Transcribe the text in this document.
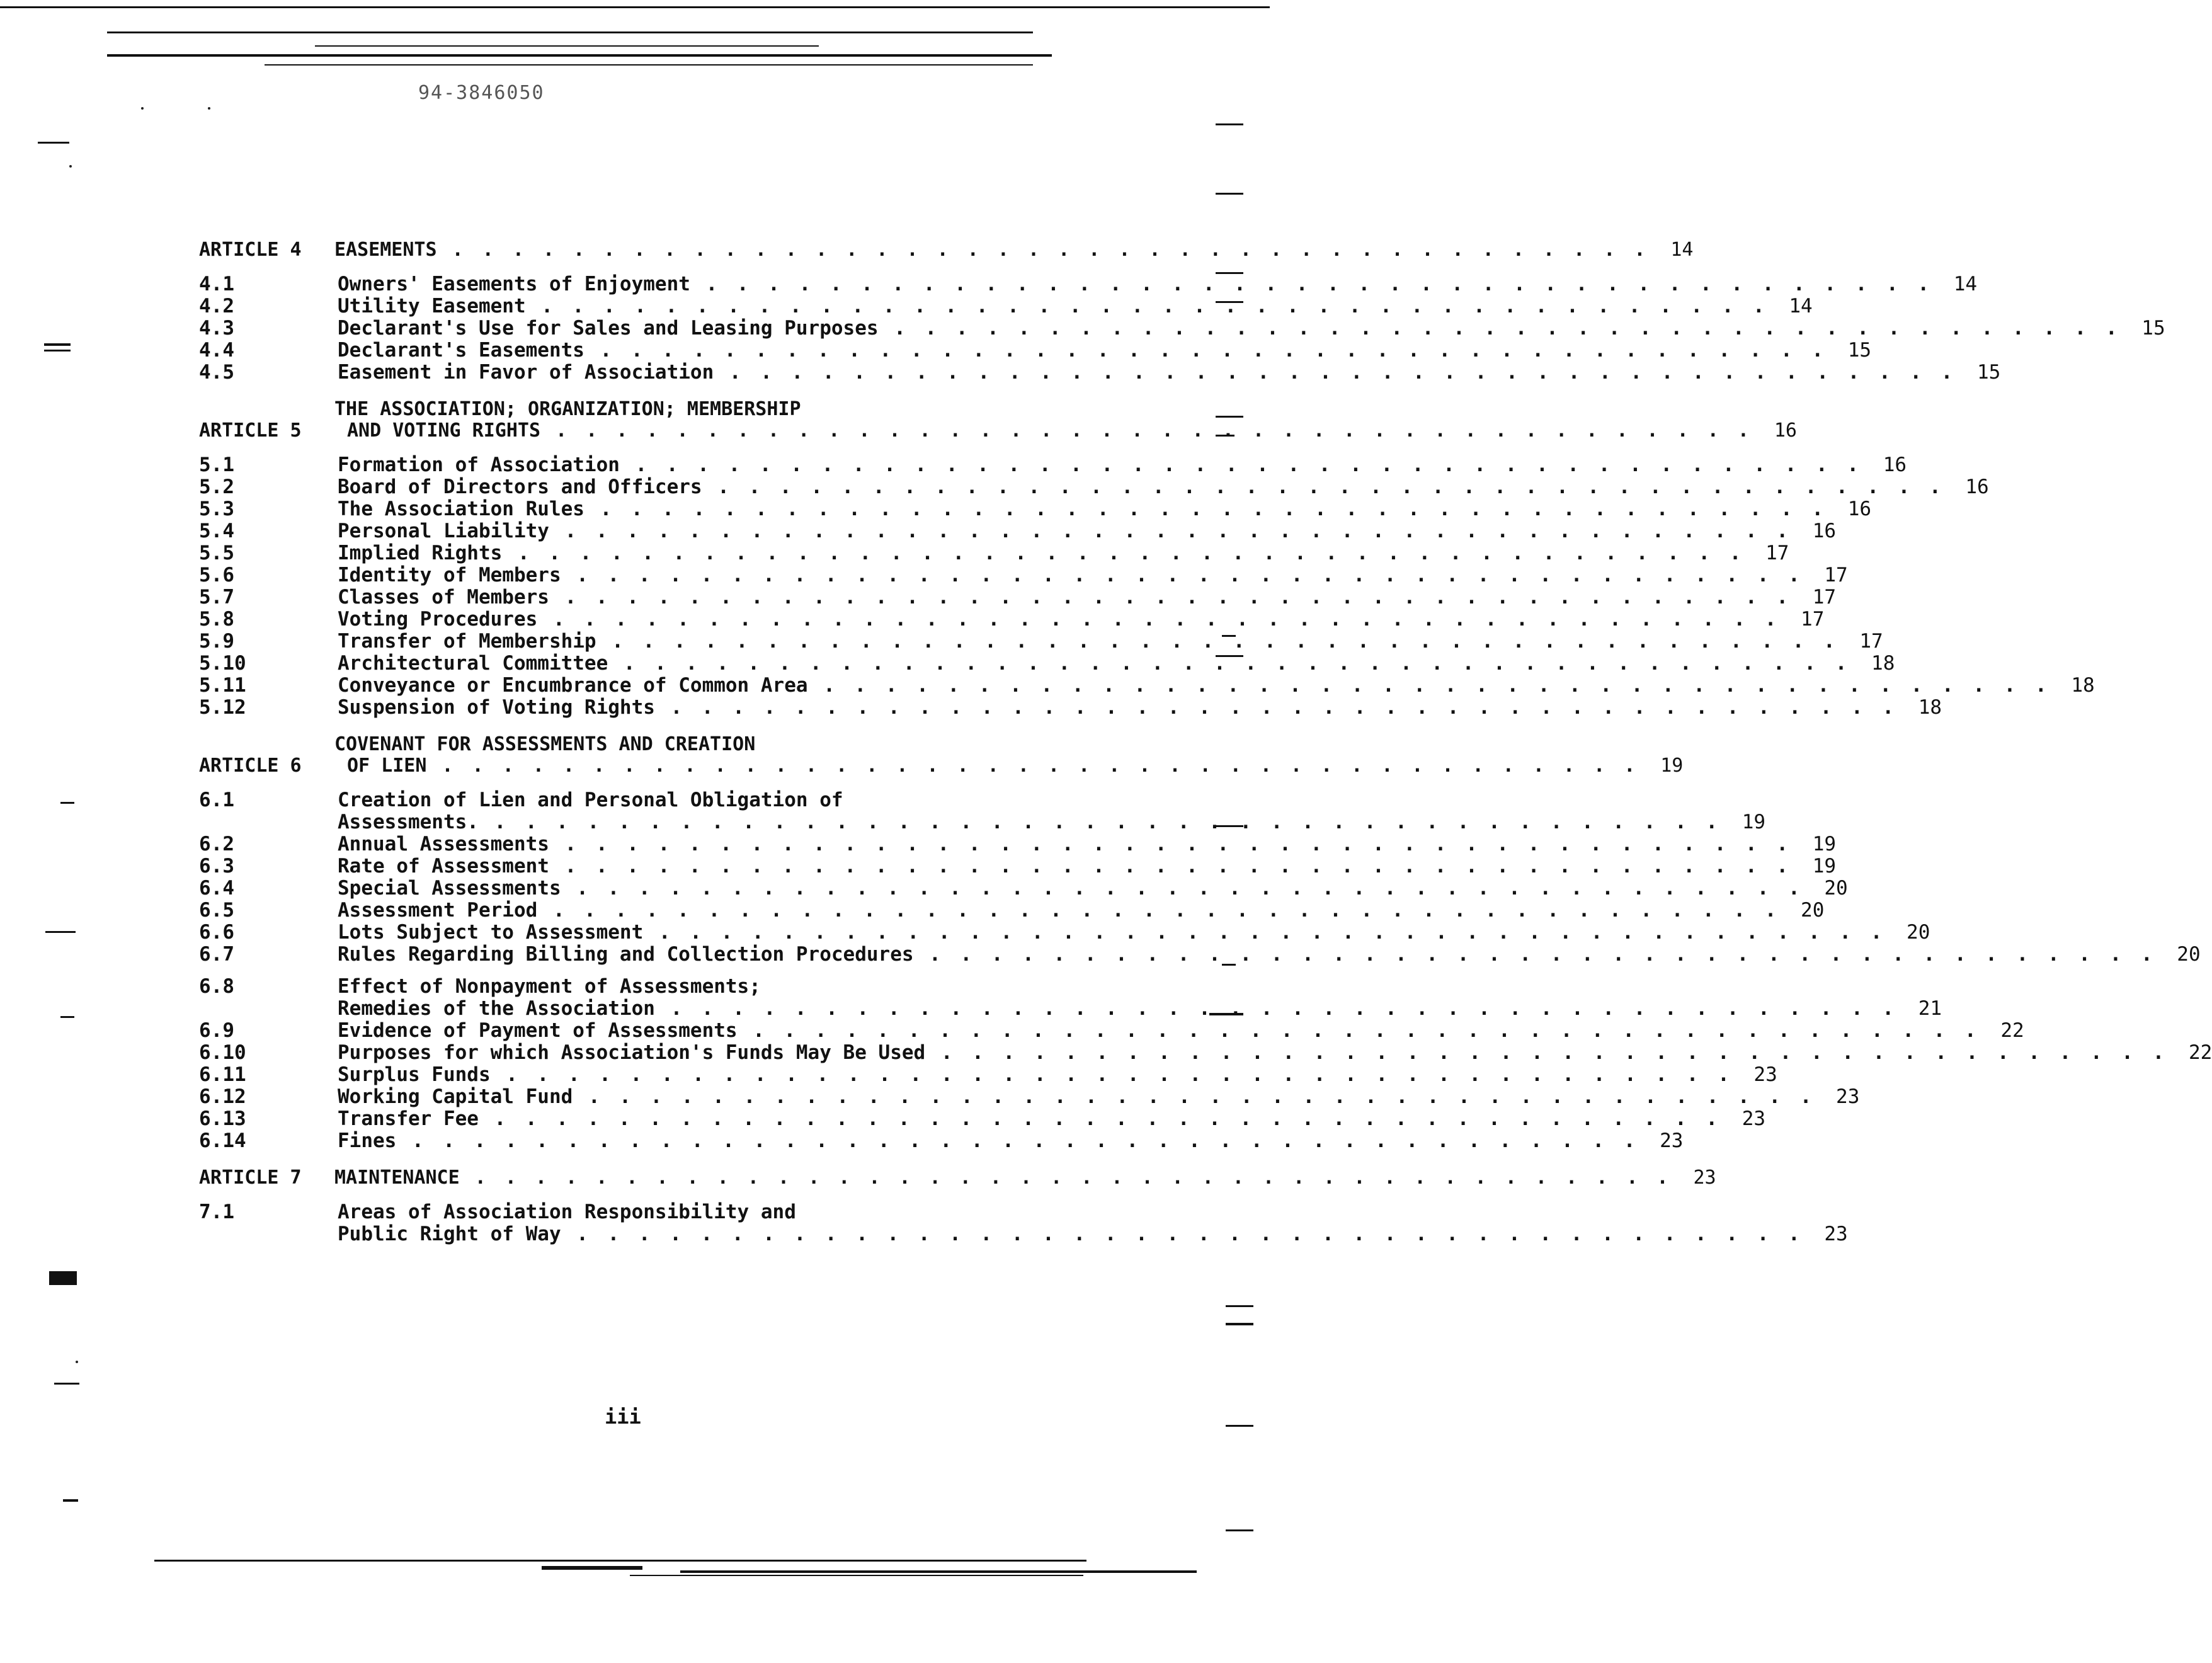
94-3846050
ARTICLE 4	EASEMENTS . . . . . . . . . . . . . . . . . . . . . . . . . . . . . . . . . . . . . . . .	14
4.1	Owners' Easements of Enjoyment . . . . . . . . . . . . . . . . . . . . . . . . . . . . . . . . . . . . . . . .	14
4.2	Utility Easement . . . . . . . . . . . . . . . . . . . . . . . . . . . . . . . . . . . . . . . .	14
4.3	Declarant's Use for Sales and Leasing Purposes . . . . . . . . . . . . . . . . . . . . . . . . . . . . . . . . . . . . . . . .	15
4.4	Declarant's Easements . . . . . . . . . . . . . . . . . . . . . . . . . . . . . . . . . . . . . . . .	15
4.5	Easement in Favor of Association . . . . . . . . . . . . . . . . . . . . . . . . . . . . . . . . . . . . . . . .	15
ARTICLE 5
THE ASSOCIATION; ORGANIZATION; MEMBERSHIP
AND VOTING RIGHTS . . . . . . . . . . . . . . . . . . . . . . . . . . . . . . . . . . . . . . . .	16
5.1	Formation of Association . . . . . . . . . . . . . . . . . . . . . . . . . . . . . . . . . . . . . . . .	16
5.2	Board of Directors and Officers . . . . . . . . . . . . . . . . . . . . . . . . . . . . . . . . . . . . . . . .	16
5.3	The Association Rules . . . . . . . . . . . . . . . . . . . . . . . . . . . . . . . . . . . . . . . .	16
5.4	Personal Liability . . . . . . . . . . . . . . . . . . . . . . . . . . . . . . . . . . . . . . . .	16
5.5	Implied Rights . . . . . . . . . . . . . . . . . . . . . . . . . . . . . . . . . . . . . . . .	17
5.6	Identity of Members . . . . . . . . . . . . . . . . . . . . . . . . . . . . . . . . . . . . . . . .	17
5.7	Classes of Members . . . . . . . . . . . . . . . . . . . . . . . . . . . . . . . . . . . . . . . .	17
5.8	Voting Procedures . . . . . . . . . . . . . . . . . . . . . . . . . . . . . . . . . . . . . . . .	17
5.9	Transfer of Membership . . . . . . . . . . . . . . . . . . . . . . . . . . . . . . . . . . . . . . . .	17
5.10	Architectural Committee . . . . . . . . . . . . . . . . . . . . . . . . . . . . . . . . . . . . . . . .	18
5.11	Conveyance or Encumbrance of Common Area . . . . . . . . . . . . . . . . . . . . . . . . . . . . . . . . . . . . . . . .	18
5.12	Suspension of Voting Rights . . . . . . . . . . . . . . . . . . . . . . . . . . . . . . . . . . . . . . . .	18
ARTICLE 6
COVENANT FOR ASSESSMENTS AND CREATION
OF LIEN . . . . . . . . . . . . . . . . . . . . . . . . . . . . . . . . . . . . . . . .	19
6.1	Creation of Lien and Personal Obligation of
Assessments. . . . . . . . . . . . . . . . . . . . . . . . . . . . . . . . . . . . . . . . .	19
6.2	Annual Assessments . . . . . . . . . . . . . . . . . . . . . . . . . . . . . . . . . . . . . . . .	19
6.3	Rate of Assessment . . . . . . . . . . . . . . . . . . . . . . . . . . . . . . . . . . . . . . . .	19
6.4	Special Assessments . . . . . . . . . . . . . . . . . . . . . . . . . . . . . . . . . . . . . . . .	20
6.5	Assessment Period . . . . . . . . . . . . . . . . . . . . . . . . . . . . . . . . . . . . . . . .	20
6.6	Lots Subject to Assessment . . . . . . . . . . . . . . . . . . . . . . . . . . . . . . . . . . . . . . . .	20
6.7	Rules Regarding Billing and Collection Procedures . . . . . . . . . . . . . . . . . . . . . . . . . . . . . . . . . . . . . . . .	20
6.8	Effect of Nonpayment of Assessments;
Remedies of the Association . . . . . . . . . . . . . . . . . . . . . . . . . . . . . . . . . . . . . . . .	21
6.9	Evidence of Payment of Assessments . . . . . . . . . . . . . . . . . . . . . . . . . . . . . . . . . . . . . . . .	22
6.10	Purposes for which Association's Funds May Be Used . . . . . . . . . . . . . . . . . . . . . . . . . . . . . . . . . . . . . . . .	22
6.11	Surplus Funds . . . . . . . . . . . . . . . . . . . . . . . . . . . . . . . . . . . . . . . .	23
6.12	Working Capital Fund . . . . . . . . . . . . . . . . . . . . . . . . . . . . . . . . . . . . . . . .	23
6.13	Transfer Fee . . . . . . . . . . . . . . . . . . . . . . . . . . . . . . . . . . . . . . . .	23
6.14	Fines . . . . . . . . . . . . . . . . . . . . . . . . . . . . . . . . . . . . . . . .	23
ARTICLE 7	MAINTENANCE . . . . . . . . . . . . . . . . . . . . . . . . . . . . . . . . . . . . . . . .	23
7.1	Areas of Association Responsibility and
Public Right of Way . . . . . . . . . . . . . . . . . . . . . . . . . . . . . . . . . . . . . . . .	23
iii
